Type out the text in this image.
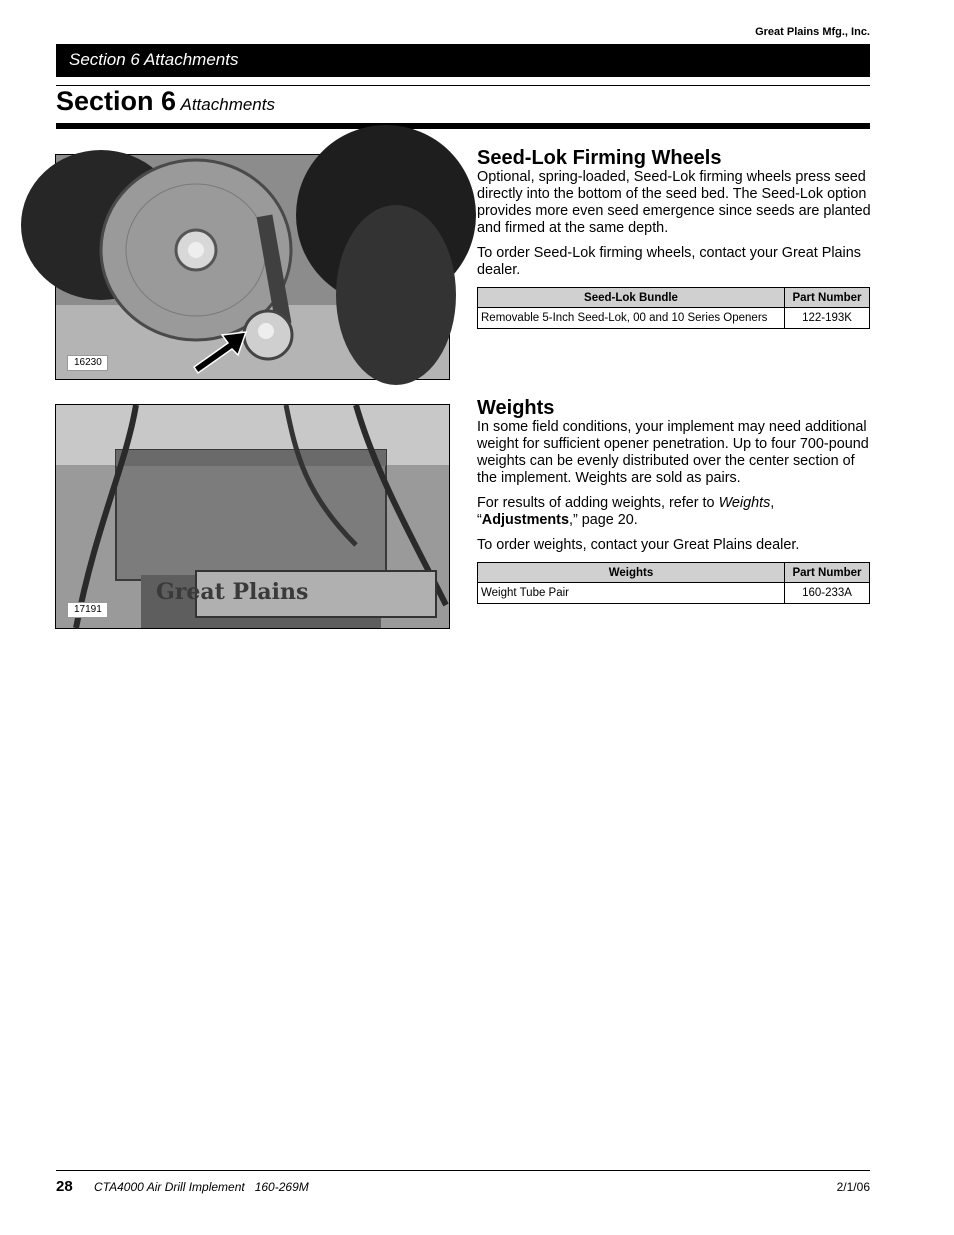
Great Plains Mfg., Inc.
Section 6 Attachments
Section 6 Attachments
16230
Seed-Lok Firming Wheels

Optional, spring-loaded, Seed-Lok firming wheels press seed directly into the bottom of the seed bed. The Seed-Lok option provides more even seed emergence since seeds are planted and firmed at the same depth.

To order Seed-Lok firming wheels, contact your Great Plains dealer.

Seed-Lok Bundle	Part Number
Removable 5-Inch Seed-Lok, 00 and 10 Series Openers	122-193K
Great Plains
17191
Weights

In some field conditions, your implement may need additional weight for sufficient opener penetration. Up to four 700-pound weights can be evenly distributed over the center section of the implement. Weights are sold as pairs.

For results of adding weights, refer to Weights, “Adjustments,” page 20.

To order weights, contact your Great Plains dealer.

Weights	Part Number
Weight Tube Pair	160-233A
28 CTA4000 Air Drill Implement   160-269M	2/1/06
